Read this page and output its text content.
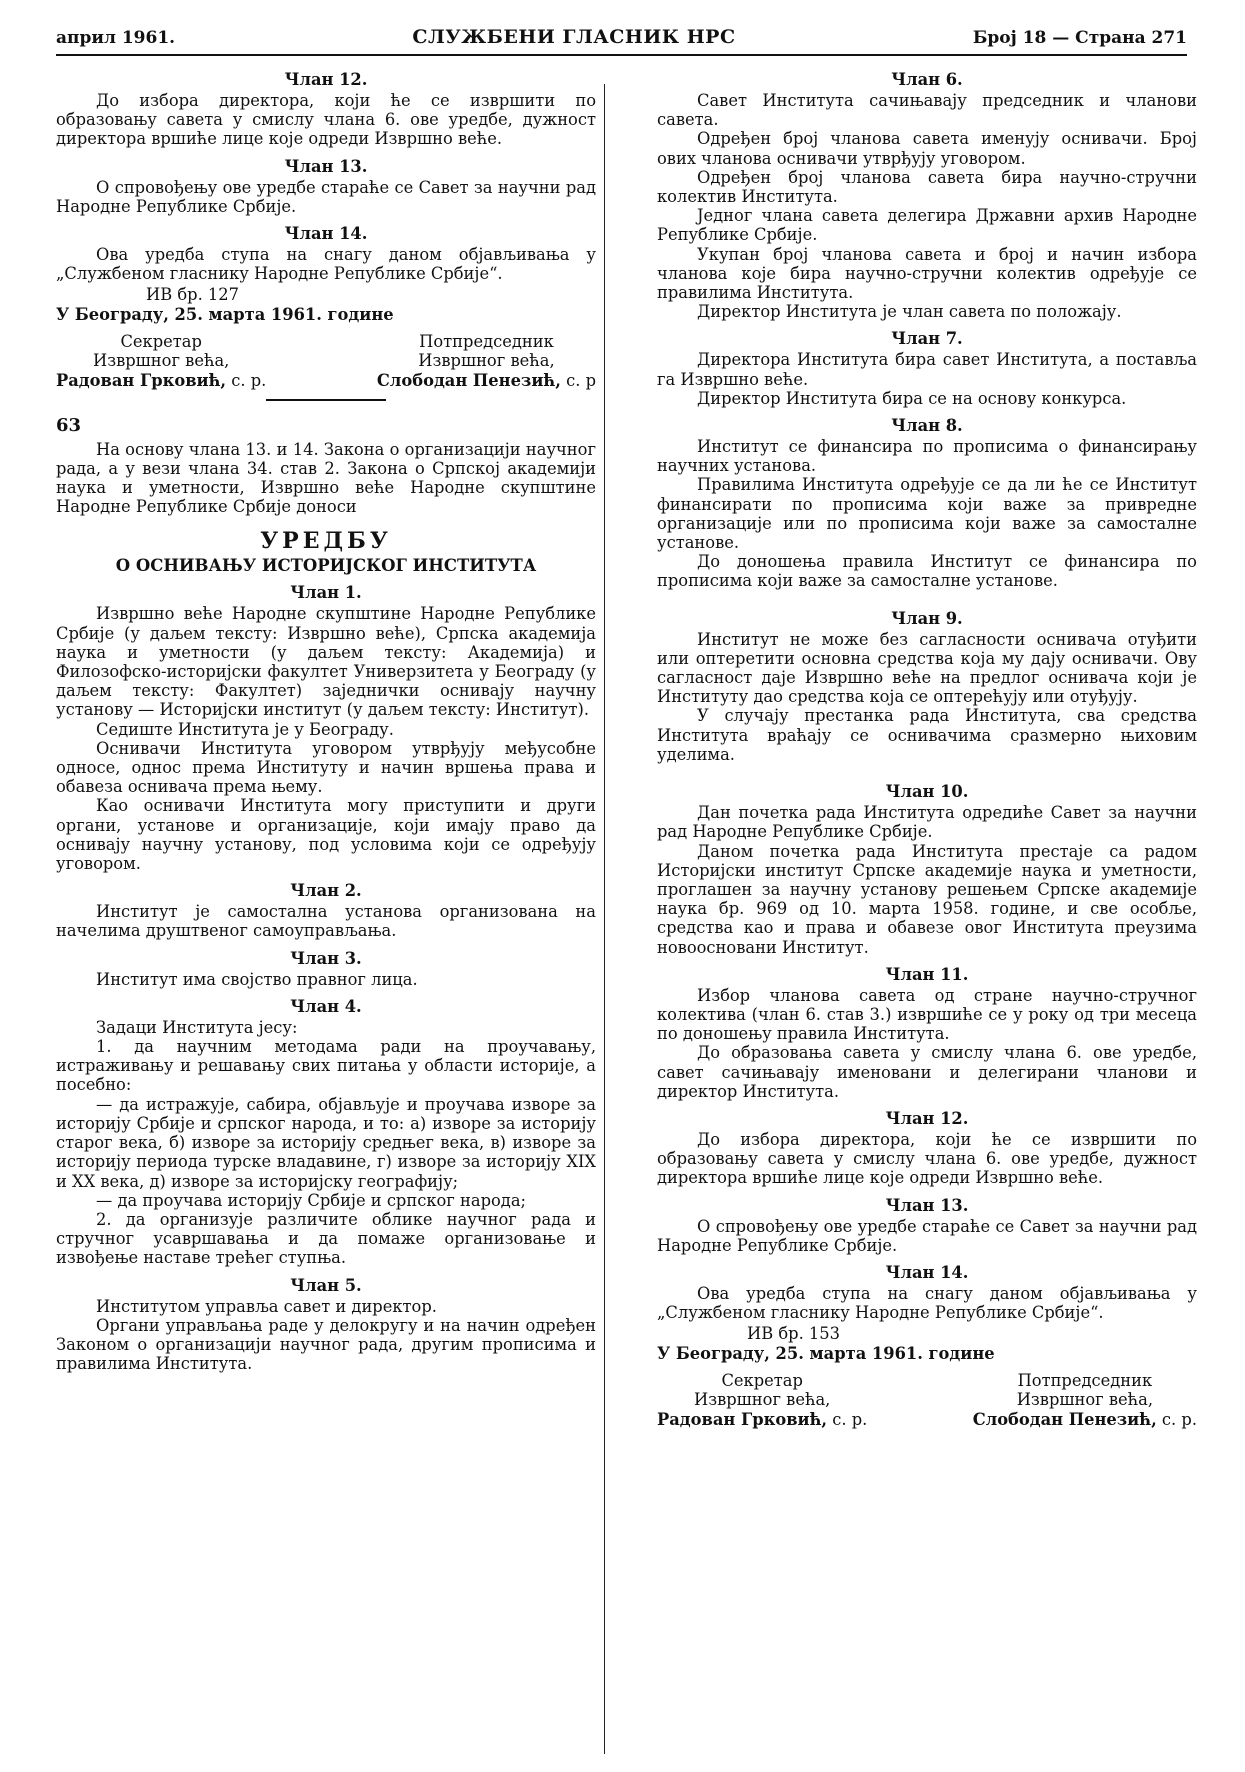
април 1961.	СЛУЖБЕНИ ГЛАСНИК НРС	Број 18 — Страна 271
Члан 12.

До избора директора, који ће се извршити по образовању савета у смислу члана 6. ове уредбе, дужност директора вршиће лице које одреди Извршно веће.

Члан 13.

О спровођењу ове уредбе стараће се Савет за научни рад Народне Републике Србије.

Члан 14.

Ова уредба ступа на снагу даном објављивања у „Службеном гласнику Народне Републике Србије“.

ИВ бр. 127

У Београду, 25. марта 1961. године

Секретар
Извршног већа,
Радован Грковић, с. р.
Потпредседник
Извршног већа,
Слободан Пенезић, с. р
63

На основу члана 13. и 14. Закона о организацији научног рада, а у вези члана 34. став 2. Закона о Српској академији наука и уметности, Извршно веће Народне скупштине Народне Републике Србије доноси

УРЕДБУ
О ОСНИВАЊУ ИСТОРИЈСКОГ ИНСТИТУТА
Члан 1.

Извршно веће Народне скупштине Народне Републике Србије (у даљем тексту: Извршно веће), Српска академија наука и уметности (у даљем тексту: Академија) и Филозофско-историјски факултет Универзитета у Београду (у даљем тексту: Факултет) заједнички оснивају научну установу — Историјски институт (у даљем тексту: Институт).

Седиште Института је у Београду.

Оснивачи Института уговором утврђују међусобне односе, однос према Институту и начин вршења права и обавеза оснивача према њему.

Као оснивачи Института могу приступити и други органи, установе и организације, који имају право да оснивају научну установу, под условима који се одређују уговором.

Члан 2.

Институт је самостална установа организована на начелима друштвеног самоуправљања.

Члан 3.

Институт има својство правног лица.

Члан 4.

Задаци Института јесу:

1. да научним методама ради на проучавању, истраживању и решавању свих питања у области историје, а посебно:

— да истражује, сабира, објављује и проучава изворе за историју Србије и српског народа, и то: а) изворе за историју старог века, б) изворе за историју средњег века, в) изворе за историју периода турске владавине, г) изворе за историју XIX и XX века, д) изворе за историјску географију;

— да проучава историју Србије и српског народа;

2. да организује различите облике научног рада и стручног усавршавања и да помаже организовање и извођење наставе трећег ступња.

Члан 5.

Институтом управља савет и директор.

Органи управљања раде у делокругу и на начин одређен Законом о организацији научног рада, другим прописима и правилима Института.

Члан 6.

Савет Института сачињавају председник и чланови савета.

Одређен број чланова савета именују оснивачи. Број ових чланова оснивачи утврђују уговором.

Одређен број чланова савета бира научно-стручни колектив Института.

Једног члана савета делегира Државни архив Народне Републике Србије.

Укупан број чланова савета и број и начин избора чланова које бира научно-стручни колектив одређује се правилима Института.

Директор Института је члан савета по положају.

Члан 7.

Директора Института бира савет Института, а поставља га Извршно веће.

Директор Института бира се на основу конкурса.

Члан 8.

Институт се финансира по прописима о финансирању научних установа.

Правилима Института одређује се да ли ће се Институт финансирати по прописима који важе за привредне организације или по прописима који важе за самосталне установе.

До доношења правила Институт се финансира по прописима који важе за самосталне установе.

Члан 9.

Институт не може без сагласности оснивача отуђити или оптеретити основна средства која му дају оснивачи. Ову сагласност даје Извршно веће на предлог оснивача који је Институту дао средства која се оптерећују или отуђују.

У случају престанка рада Института, сва средства Института враћају се оснивачима сразмерно њиховим уделима.

Члан 10.

Дан почетка рада Института одредиће Савет за научни рад Народне Републике Србије.

Даном почетка рада Института престаје са радом Историјски институт Српске академије наука и уметности, проглашен за научну установу решењем Српске академије наука бр. 969 од 10. марта 1958. године, и све особље, средства као и права и обавезе овог Института преузима новоосновани Институт.

Члан 11.

Избор чланова савета од стране научно-стручног колектива (члан 6. став 3.) извршиће се у року од три месеца по доношењу правила Института.

До образовања савета у смислу члана 6. ове уредбе, савет сачињавају именовани и делегирани чланови и директор Института.

Члан 12.

До избора директора, који ће се извршити по образовању савета у смислу члана 6. ове уредбе, дужност директора вршиће лице које одреди Извршно веће.

Члан 13.

О спровођењу ове уредбе стараће се Савет за научни рад Народне Републике Србије.

Члан 14.

Ова уредба ступа на снагу даном објављивања у „Службеном гласнику Народне Републике Србије“.

ИВ бр. 153

У Београду, 25. марта 1961. године

Секретар
Извршног већа,
Радован Грковић, с. р.
Потпредседник
Извршног већа,
Слободан Пенезић, с. р.
